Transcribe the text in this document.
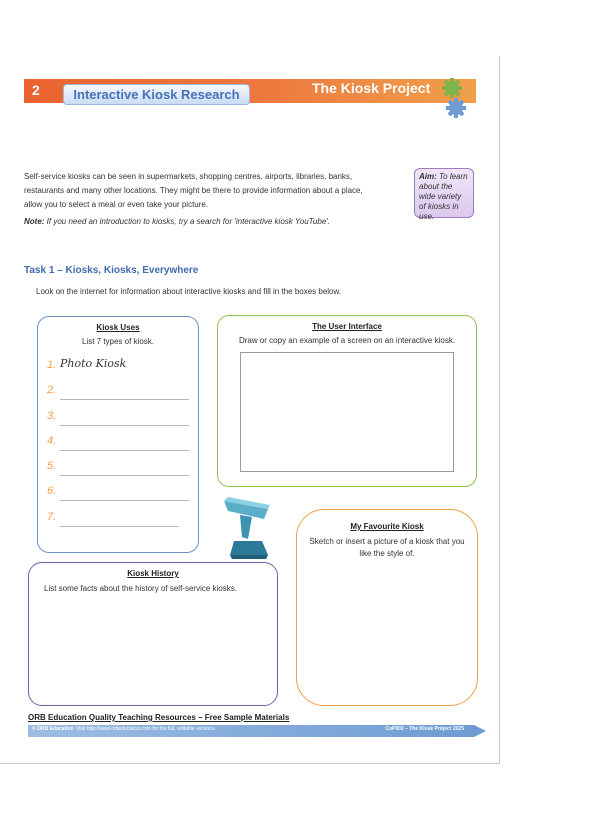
2	Interactive Kiosk Research	The Kiosk Project
Self-service kiosks can be seen in supermarkets, shopping centres, airports, libraries, banks, restaurants and many other locations. They might be there to provide information about a place, allow you to select a meal or even take your picture.
Note: If you need an introduction to kiosks, try a search for 'interactive kiosk YouTube'.
Aim: To learn about the wide variety of kiosks in use.
Task 1 – Kiosks, Kiosks, Everywhere
Look on the internet for information about interactive kiosks and fill in the boxes below.
Kiosk Uses
List 7 types of kiosk.
1. Photo Kiosk
2.
3.
4.
5.
6.
7.
The User Interface
Draw or copy an example of a screen on an interactive kiosk.
Kiosk History
List some facts about the history of self-service kiosks.
My Favourite Kiosk
Sketch or insert a picture of a kiosk that you like the style of.
ORB Education Quality Teaching Resources – Free Sample Materials
© ORB Education Visit http://www.orbeducation.com for the full, editable versions.	CoP003 – The Kiosk Project 2025
